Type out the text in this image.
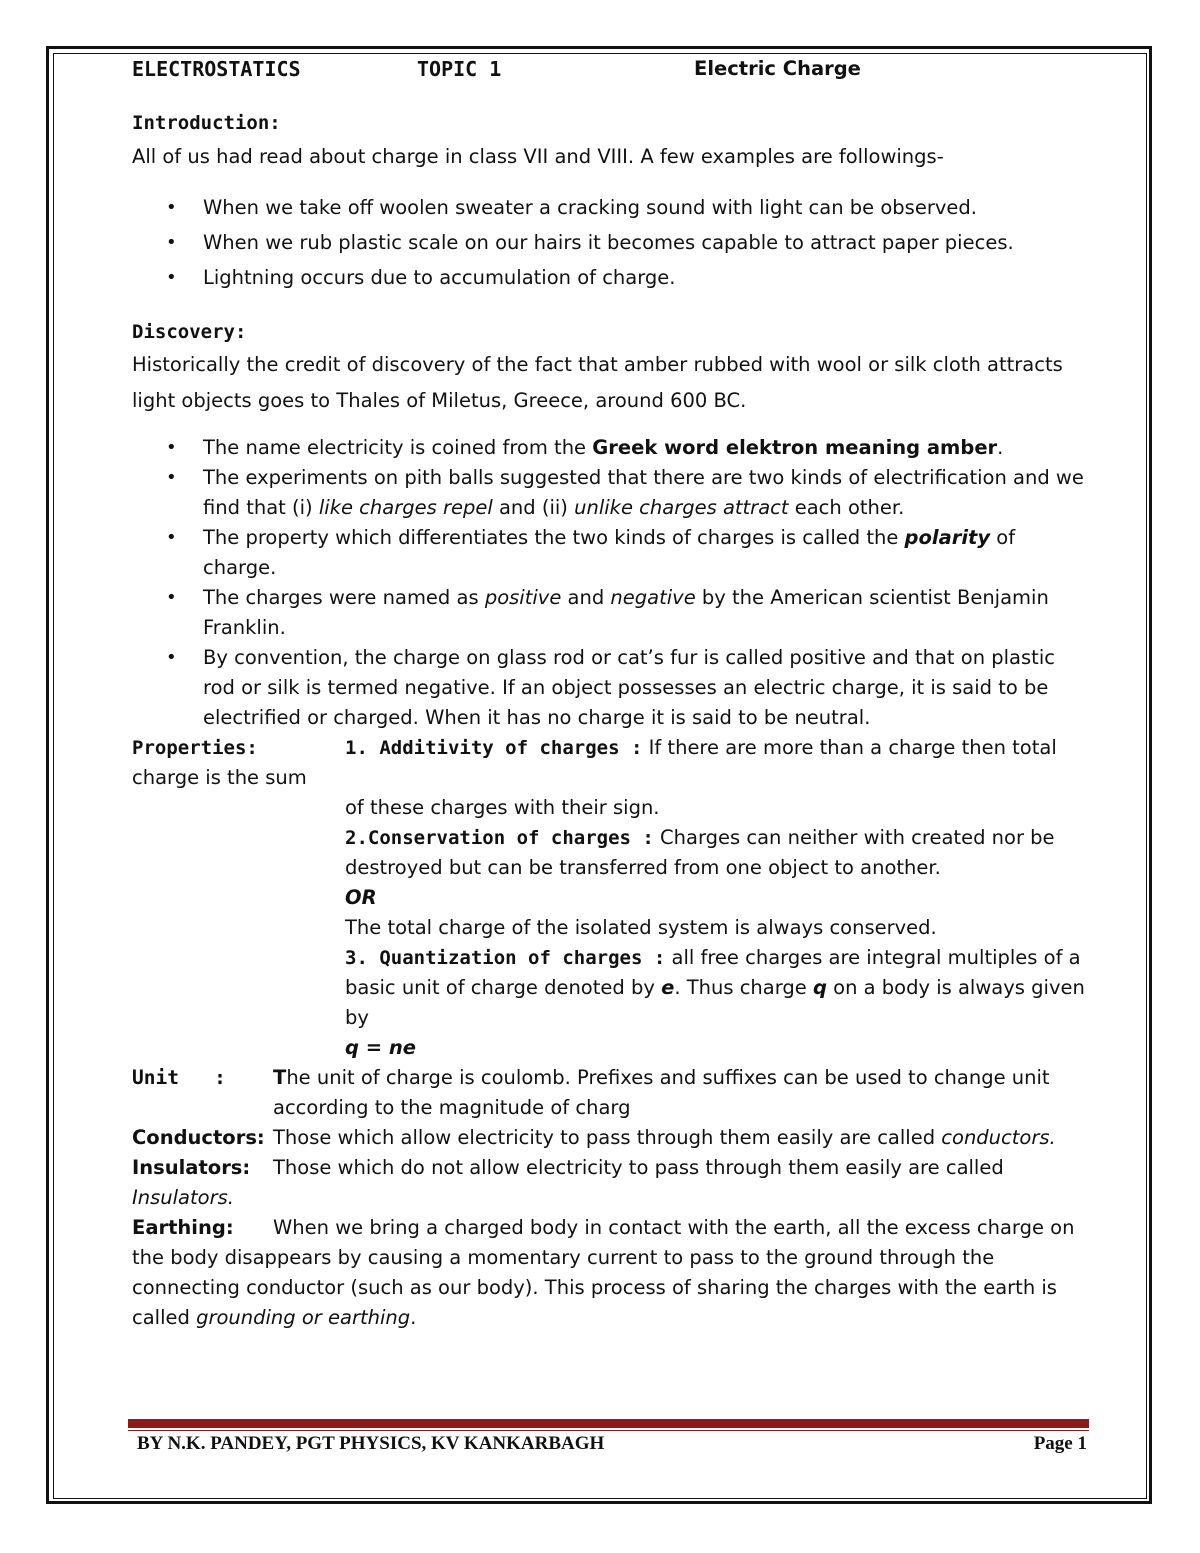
ELECTROSTATICS	TOPIC 1	Electric Charge
Introduction:

All of us had read about charge in class VII and VIII. A few examples are followings-

• When we take off woolen sweater a cracking sound with light can be observed.
• When we rub plastic scale on our hairs it becomes capable to attract paper pieces.
• Lightning occurs due to accumulation of charge.
Discovery:

Historically the credit of discovery of the fact that amber rubbed with wool or silk cloth attracts light objects goes to Thales of Miletus, Greece, around 600 BC.

• The name electricity is coined from the Greek word elektron meaning amber.
• The experiments on pith balls suggested that there are two kinds of electrification and we find that (i) like charges repel and (ii) unlike charges attract each other.
• The property which differentiates the two kinds of charges is called the polarity of charge.
• The charges were named as positive and negative by the American scientist Benjamin Franklin.
• By convention, the charge on glass rod or cat’s fur is called positive and that on plastic rod or silk is termed negative. If an object possesses an electric charge, it is said to be electrified or charged. When it has no charge it is said to be neutral.
Properties:	1. Additivity of charges : If there are more than a charge then total

charge is the sum

of these charges with their sign.

2.Conservation of charges : Charges can neither with created nor be destroyed but can be transferred from one object to another.

OR

The total charge of the isolated system is always conserved.

3. Quantization of charges : all free charges are integral multiples of a basic unit of charge denoted by e. Thus charge q on a body is always given by

q = ne

Unit   :	The unit of charge is coulomb. Prefixes and suffixes can be used to change unit according to the magnitude of charg
Conductors: Those which allow electricity to pass through them easily are called conductors.
Insulators:	Those which do not allow electricity to pass through them easily are called

Insulators.

Earthing: When we bring a charged body in contact with the earth, all the excess charge on the body disappears by causing a momentary current to pass to the ground through the connecting conductor (such as our body). This process of sharing the charges with the earth is called grounding or earthing.

BY N.K. PANDEY, PGT PHYSICS, KV KANKARBAGH	Page 1
